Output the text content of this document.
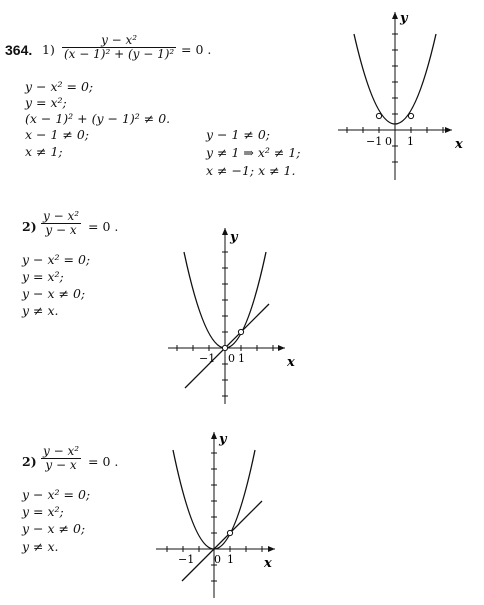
364. $1) \frac{\text{y − x²}}{\text{(x − 1)² + (y − 1)²}} = 0$ .
y − x² = 0;
y = x²;
(x − 1)² + (y − 1)² ≠ 0.
x − 1 ≠ 0;
x ≠ 1;
y − 1 ≠ 0;
y ≠ 1 ⇒ x² ≠ 1;
x ≠ −1; x ≠ 1.
$2) \frac{\text{y − x²}}{y - x} = 0$ .
y − x² = 0;
y = x²;
y − x ≠ 0;
y ≠ x.
$2) \frac{\text{y − x²}}{y - x} = 0$ .
y − x² = 0;
y = x²;
y − x ≠ 0;
y ≠ x.
y
x
−1 0 1
y
x
−1 0 1
y
x
−1 0 1
